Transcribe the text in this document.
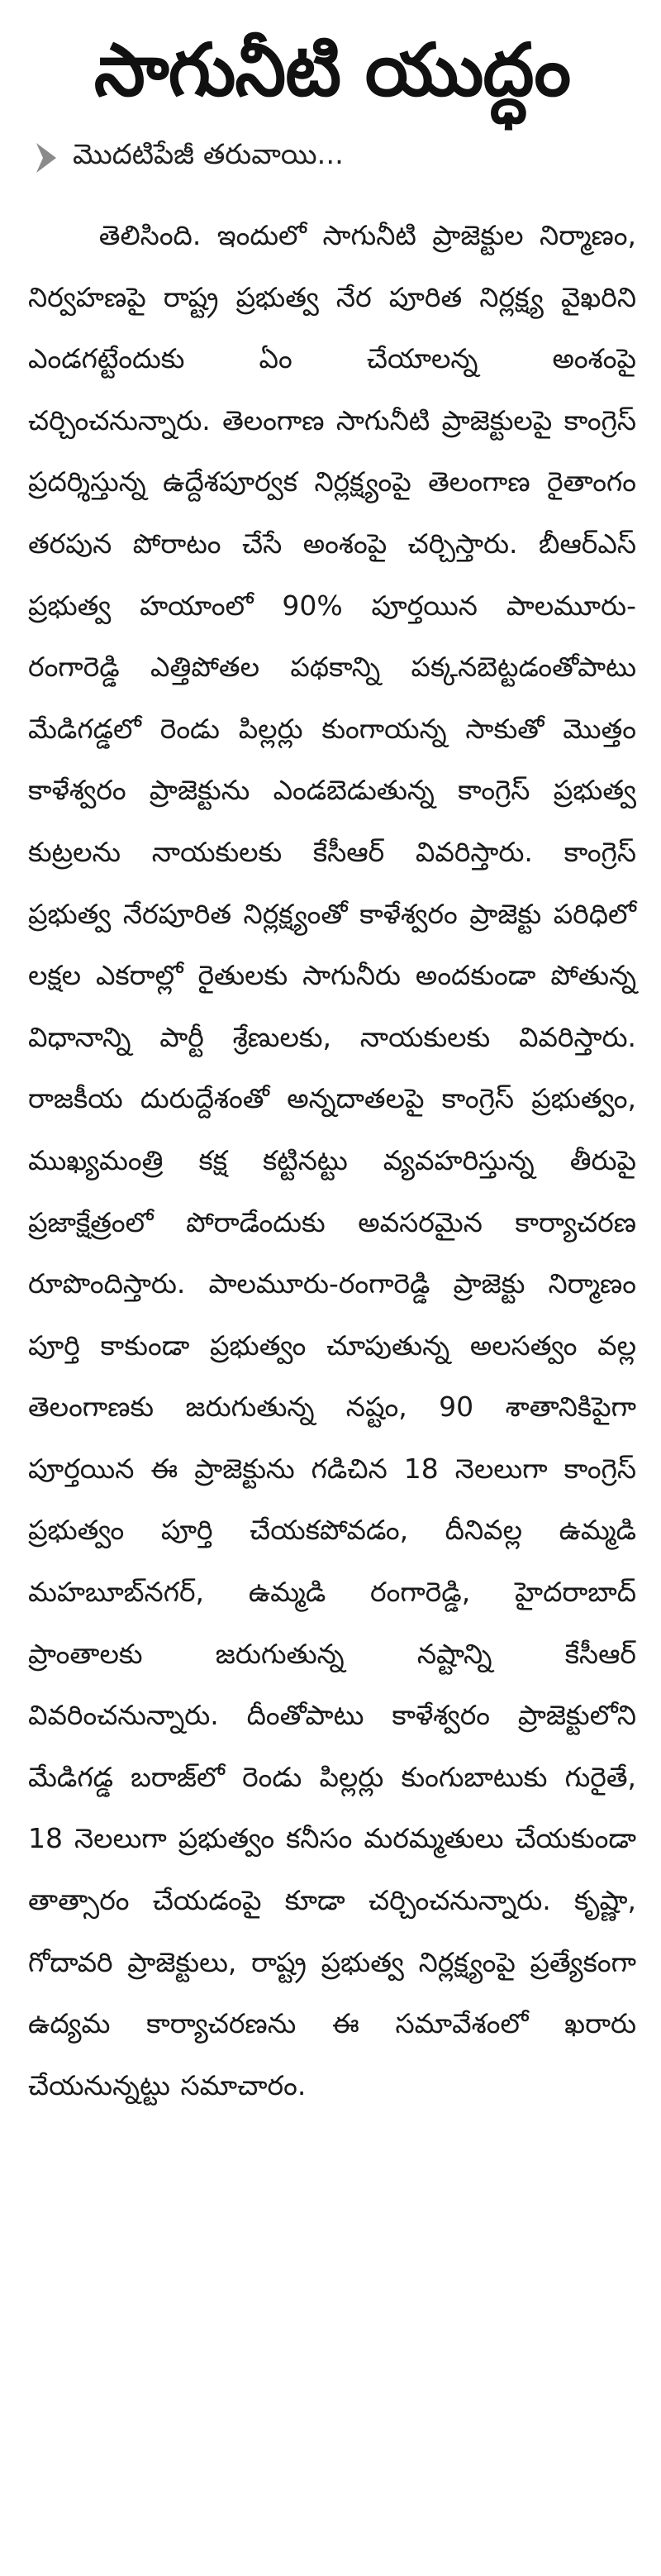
సాగునీటి యుద్ధం
మొదటిపేజీ తరువాయి...

తెలిసింది. ఇందులో సాగునీటి ప్రాజెక్టుల నిర్మాణం, నిర్వహణపై రాష్ట్ర ప్రభుత్వ నేర పూరిత నిర్లక్ష్య వైఖరిని ఎండగట్టేందుకు ఏం చేయాలన్న అంశంపై చర్చించనున్నారు. తెలంగాణ సాగునీటి ప్రాజెక్టులపై కాంగ్రెస్ ప్రదర్శిస్తున్న ఉద్దేశపూర్వక నిర్లక్ష్యంపై తెలంగాణ రైతాంగం తరపున పోరాటం చేసే అంశంపై చర్చిస్తారు. బీఆర్ఎస్ ప్రభుత్వ హయాంలో 90% పూర్తయిన పాలమూరు-రంగారెడ్డి ఎత్తిపోతల పథకాన్ని పక్కనబెట్టడంతోపాటు మేడిగడ్డలో రెండు పిల్లర్లు కుంగాయన్న సాకుతో మొత్తం కాళేశ్వరం ప్రాజెక్టును ఎండబెడుతున్న కాంగ్రెస్ ప్రభుత్వ కుట్రలను నాయకులకు కేసీఆర్ వివరిస్తారు. కాంగ్రెస్ ప్రభుత్వ నేరపూరిత నిర్లక్ష్యంతో కాళేశ్వరం ప్రాజెక్టు పరిధిలో లక్షల ఎకరాల్లో రైతులకు సాగునీరు అందకుండా పోతున్న విధానాన్ని పార్టీ శ్రేణులకు, నాయకులకు వివరిస్తారు. రాజకీయ దురుద్దేశంతో అన్నదాతలపై కాంగ్రెస్ ప్రభుత్వం, ముఖ్యమంత్రి కక్ష కట్టినట్టు వ్యవహరిస్తున్న తీరుపై ప్రజాక్షేత్రంలో పోరాడేందుకు అవసరమైన కార్యాచరణ రూపొందిస్తారు. పాలమూరు-రంగారెడ్డి ప్రాజెక్టు నిర్మాణం పూర్తి కాకుండా ప్రభుత్వం చూపుతున్న అలసత్వం వల్ల తెలంగాణకు జరుగుతున్న నష్టం, 90 శాతానికిపైగా పూర్తయిన ఈ ప్రాజెక్టును గడిచిన 18 నెలలుగా కాంగ్రెస్ ప్రభుత్వం పూర్తి చేయకపోవడం, దీనివల్ల ఉమ్మడి మహబూబ్‌నగర్, ఉమ్మడి రంగారెడ్డి, హైదరాబాద్ ప్రాంతాలకు జరుగుతున్న నష్టాన్ని కేసీఆర్ వివరించనున్నారు. దీంతోపాటు కాళేశ్వరం ప్రాజెక్టులోని మేడిగడ్డ బరాజ్‌లో రెండు పిల్లర్లు కుంగుబాటుకు గురైతే, 18 నెలలుగా ప్రభుత్వం కనీసం మరమ్మతులు చేయకుండా తాత్సారం చేయడంపై కూడా చర్చించనున్నారు. కృష్ణా, గోదావరి ప్రాజెక్టులు, రాష్ట్ర ప్రభుత్వ నిర్లక్ష్యంపై ప్రత్యేకంగా ఉద్యమ కార్యాచరణను ఈ సమావేశంలో ఖరారు చేయనున్నట్టు సమాచారం.
